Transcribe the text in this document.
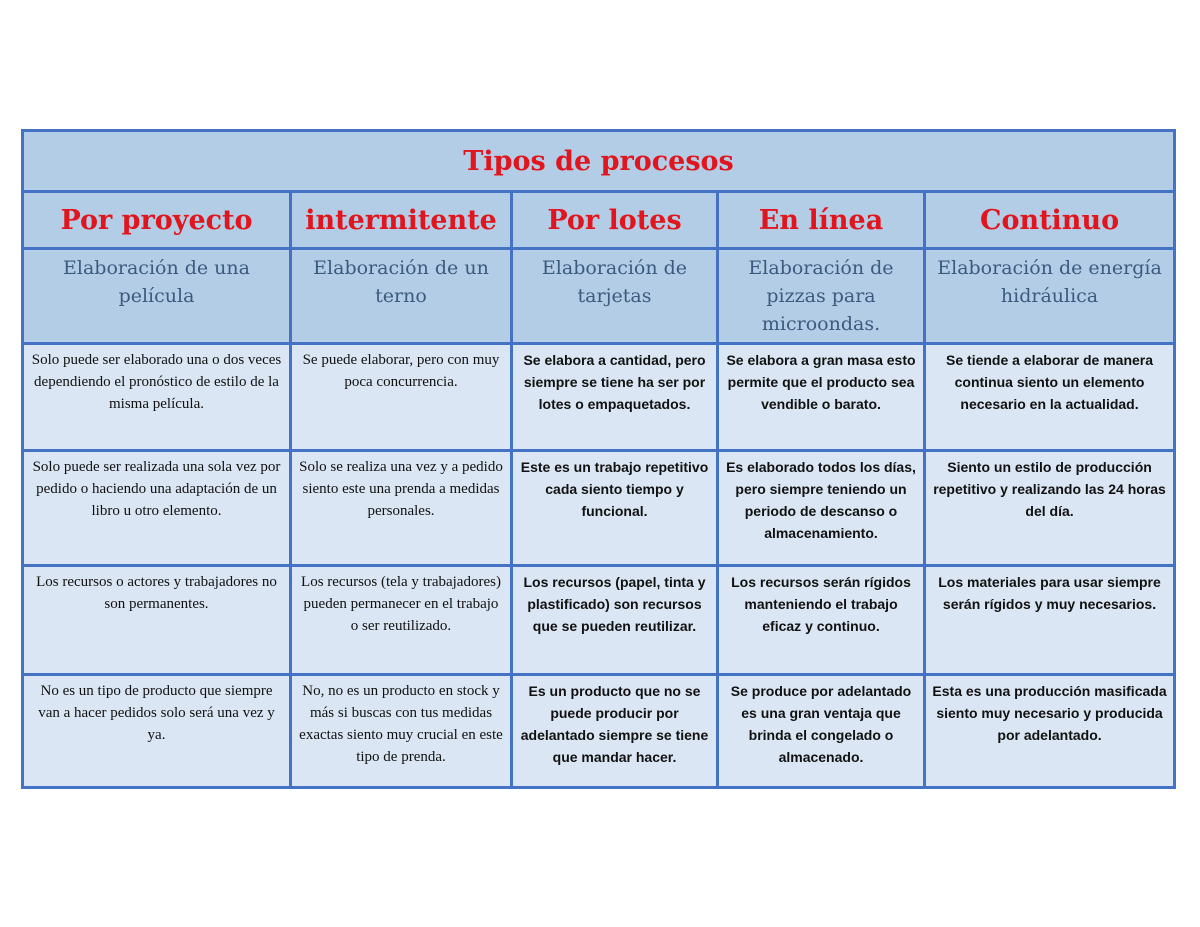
Tipos de procesos				
Por proyecto	intermitente	Por lotes	En línea	Continuo
Elaboración de una película	Elaboración de un terno	Elaboración de tarjetas	Elaboración de pizzas para microondas.	Elaboración de energía hidráulica
Solo puede ser elaborado una o dos veces dependiendo el pronóstico de estilo de la misma película.	Se puede elaborar, pero con muy poca concurrencia.	Se elabora a cantidad, pero siempre se tiene ha ser por lotes o empaquetados.	Se elabora a gran masa esto permite que el producto sea vendible o barato.	Se tiende a elaborar de manera continua siento un elemento necesario en la actualidad.
Solo puede ser realizada una sola vez por pedido o haciendo una adaptación de un libro u otro elemento.	Solo se realiza una vez y a pedido siento este una prenda a medidas personales.	Este es un trabajo repetitivo cada siento tiempo y funcional.	Es elaborado todos los días, pero siempre teniendo un periodo de descanso o almacenamiento.	Siento un estilo de producción repetitivo y realizando las 24 horas del día.
Los recursos o actores y trabajadores no son permanentes.	Los recursos (tela y trabajadores) pueden permanecer en el trabajo o ser reutilizado.	Los recursos (papel, tinta y plastificado) son recursos que se pueden reutilizar.	Los recursos serán rígidos manteniendo el trabajo eficaz y continuo.	Los materiales para usar siempre serán rígidos y muy necesarios.
No es un tipo de producto que siempre van a hacer pedidos solo será una vez y ya.	No, no es un producto en stock y más si buscas con tus medidas exactas siento muy crucial en este tipo de prenda.	Es un producto que no se puede producir por adelantado siempre se tiene que mandar hacer.	Se produce por adelantado es una gran ventaja que brinda el congelado o almacenado.	Esta es una producción masificada siento muy necesario y producida por adelantado.
